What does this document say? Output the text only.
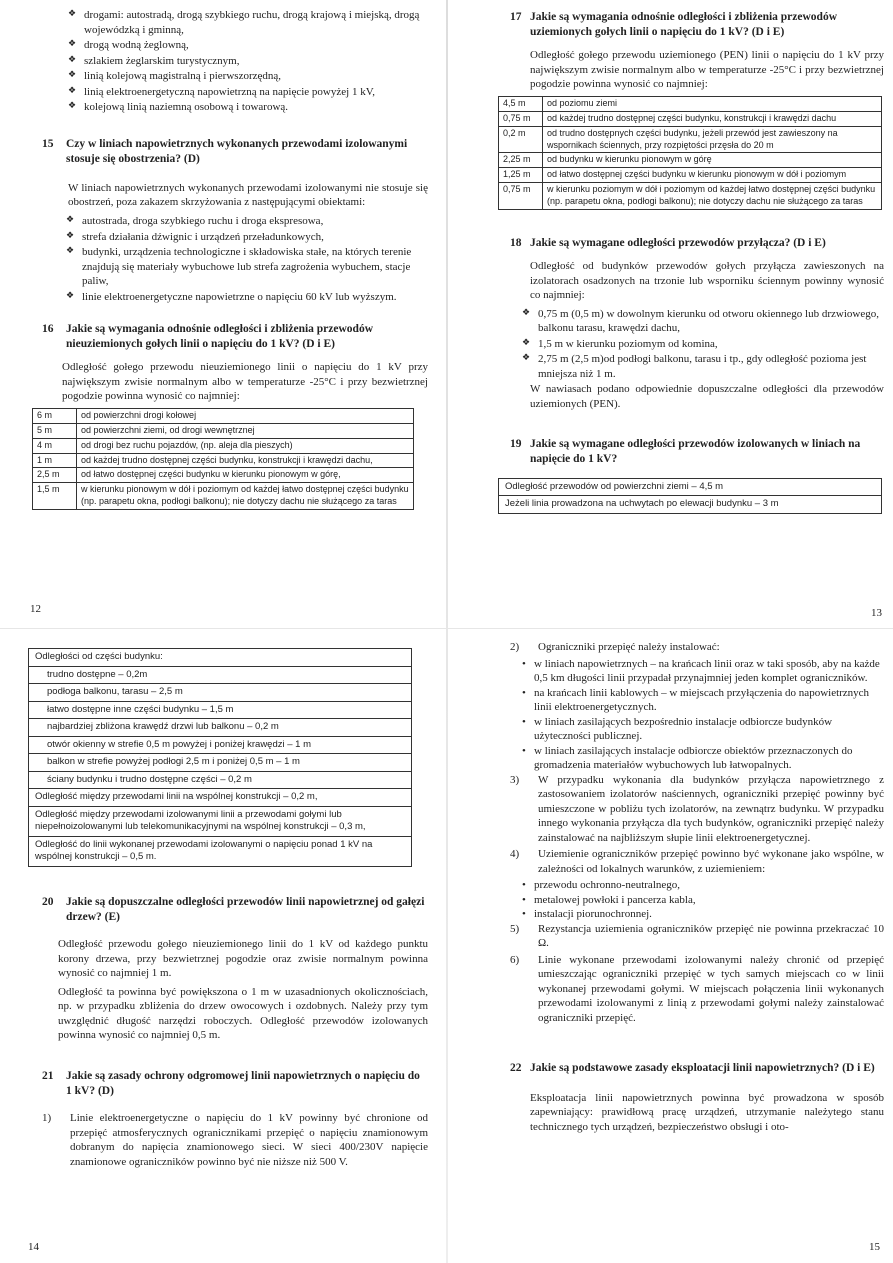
❖ drogami: autostradą, drogą szybkiego ruchu, drogą krajową i miejską, drogą wojewódzką i gminną,
❖ drogą wodną żeglowną,
❖ szlakiem żeglarskim turystycznym,
❖ linią kolejową magistralną i pierwszorzędną,
❖ linią elektroenergetyczną napowietrzną na napięcie powyżej 1 kV,
❖ kolejową linią naziemną osobową i towarową.
15 Czy w liniach napowietrznych wykonanych przewodami izolowanymi stosuje się obostrzenia? (D)
W liniach napowietrznych wykonanych przewodami izolowanymi nie stosuje się obostrzeń, poza zakazem skrzyżowania z następującymi obiektami:
❖ autostrada, droga szybkiego ruchu i droga ekspresowa,
❖ strefa działania dźwignic i urządzeń przeładunkowych,
❖ budynki, urządzenia technologiczne i składowiska stałe, na których terenie znajdują się materiały wybuchowe lub strefa zagrożenia wybuchem, stacje paliw,
❖ linie elektroenergetyczne napowietrzne o napięciu 60 kV lub wyższym.
16 Jakie są wymagania odnośnie odległości i zbliżenia przewodów nieuziemionych gołych linii o napięciu do 1 kV? (D i E)
Odległość gołego przewodu nieuziemionego linii o napięciu do 1 kV przy największym zwisie normalnym albo w temperaturze -25°C i przy bezwietrznej pogodzie powinna wynosić co najmniej:
6 m	od powierzchni drogi kołowej
5 m	od powierzchni ziemi, od drogi wewnętrznej
4 m	od drogi bez ruchu pojazdów, (np. aleja dla pieszych)
1 m	od każdej trudno dostępnej części budynku, konstrukcji i krawędzi dachu,
2,5 m	od łatwo dostępnej części budynku w kierunku pionowym w górę,
1,5 m	w kierunku pionowym w dół i poziomym od każdej łatwo dostępnej części budynku (np. parapetu okna, podłogi balkonu); nie dotyczy dachu nie służącego za taras
12
17 Jakie są wymagania odnośnie odległości i zbliżenia przewodów uziemionych gołych linii o napięciu do 1 kV? (D i E)
Odległość gołego przewodu uziemionego (PEN) linii o napięciu do 1 kV przy największym zwisie normalnym albo w temperaturze -25°C i przy bezwietrznej pogodzie powinna wynosić co najmniej:
4,5 m	od poziomu ziemi
0,75 m	od każdej trudno dostępnej części budynku, konstrukcji i krawędzi dachu
0,2 m	od trudno dostępnych części budynku, jeżeli przewód jest zawieszony na wspornikach ściennych, przy rozpiętości przęsła do 20 m
2,25 m	od budynku w kierunku pionowym w górę
1,25 m	od łatwo dostępnej części budynku w kierunku pionowym w dół i poziomym
0,75 m	w kierunku poziomym w dół i poziomym od każdej łatwo dostępnej części budynku (np. parapetu okna, podłogi balkonu); nie dotyczy dachu nie służącego za taras
18 Jakie są wymagane odległości przewodów przyłącza? (D i E)
Odległość od budynków przewodów gołych przyłącza zawieszonych na izolatorach osadzonych na trzonie lub wsporniku ściennym powinny wynosić co najmniej:
❖ 0,75 m (0,5 m) w dowolnym kierunku od otworu okiennego lub drzwiowego, balkonu tarasu, krawędzi dachu,
❖ 1,5 m w kierunku poziomym od komina,
❖ 2,75 m (2,5 m)od podłogi balkonu, tarasu i tp., gdy odległość pozioma jest mniejsza niż 1 m.
W nawiasach podano odpowiednie dopuszczalne odległości dla przewodów uziemionych (PEN).
19 Jakie są wymagane odległości przewodów izolowanych w liniach na napięcie do 1 kV?
Odległość przewodów od powierzchni ziemi – 4,5 m
Jeżeli linia prowadzona na uchwytach po elewacji budynku – 3 m
13
Odległości od części budynku:
trudno dostępne – 0,2m
podłoga balkonu, tarasu – 2,5 m
łatwo dostępne inne części budynku – 1,5 m
najbardziej zbliżona krawędź drzwi lub balkonu – 0,2 m
otwór okienny w strefie 0,5 m powyżej i poniżej krawędzi – 1 m
balkon w strefie powyżej podłogi 2,5 m i poniżej 0,5 m – 1 m
ściany budynku i trudno dostępne części – 0,2 m
Odległość między przewodami linii na wspólnej konstrukcji – 0,2 m,
Odległość między przewodami izolowanymi linii a przewodami gołymi lub niepełnoizolowanymi lub telekomunikacyjnymi na wspólnej konstrukcji – 0,3 m,
Odległość do linii wykonanej przewodami izolowanymi o napięciu ponad 1 kV na wspólnej konstrukcji – 0,5 m.
20 Jakie są dopuszczalne odległości przewodów linii napowietrznej od gałęzi drzew? (E)
Odległość przewodu gołego nieuziemionego linii do 1 kV od każdego punktu korony drzewa, przy bezwietrznej pogodzie oraz zwisie normalnym powinna wynosić co najmniej 1 m.
Odległość ta powinna być powiększona o 1 m w uzasadnionych okolicznościach, np. w przypadku zbliżenia do drzew owocowych i ozdobnych. Należy przy tym uwzględnić długość narzędzi roboczych. Odległość przewodów izolowanych powinna wynosić co najmniej 0,5 m.
21 Jakie są zasady ochrony odgromowej linii napowietrznych o napięciu do 1 kV? (D)
1) Linie elektroenergetyczne o napięciu do 1 kV powinny być chronione od przepięć atmosferycznych ogranicznikami przepięć o napięciu znamionowym dobranym do napięcia znamionowego sieci. W sieci 400/230V napięcie znamionowe ograniczników powinno być nie niższe niż 500 V.
14
2) Ograniczniki przepięć należy instalować:
• w liniach napowietrznych – na krańcach linii oraz w taki sposób, aby na każde 0,5 km długości linii przypadał przynajmniej jeden komplet ograniczników.
• na krańcach linii kablowych – w miejscach przyłączenia do napowietrznych linii elektroenergetycznych.
• w liniach zasilających bezpośrednio instalacje odbiorcze budynków użyteczności publicznej.
• w liniach zasilających instalacje odbiorcze obiektów przeznaczonych do gromadzenia materiałów wybuchowych lub łatwopalnych.
3) W przypadku wykonania dla budynków przyłącza napowietrznego z zastosowaniem izolatorów naściennych, ograniczniki przepięć powinny być umieszczone w pobliżu tych izolatorów, na zewnątrz budynku. W przypadku innego wykonania przyłącza dla tych budynków, ograniczniki przepięć należy zainstalować na najbliższym słupie linii elektroenergetycznej.
4) Uziemienie ograniczników przepięć powinno być wykonane jako wspólne, w zależności od lokalnych warunków, z uziemieniem:
• przewodu ochronno-neutralnego,
• metalowej powłoki i pancerza kabla,
• instalacji piorunochronnej.
5) Rezystancja uziemienia ograniczników przepięć nie powinna przekraczać 10 Ω.
6) Linie wykonane przewodami izolowanymi należy chronić od przepięć umieszczając ograniczniki przepięć w tych samych miejscach co w linii wykonanej przewodami gołymi. W miejscach połączenia linii wykonanych przewodami izolowanymi z linią z przewodami gołymi należy zainstalować ograniczniki przepięć.
22 Jakie są podstawowe zasady eksploatacji linii napowietrznych? (D i E)
Eksploatacja linii napowietrznych powinna być prowadzona w sposób zapewniający: prawidłową pracę urządzeń, utrzymanie należytego stanu technicznego tych urządzeń, bezpieczeństwo obsługi i oto-
15
